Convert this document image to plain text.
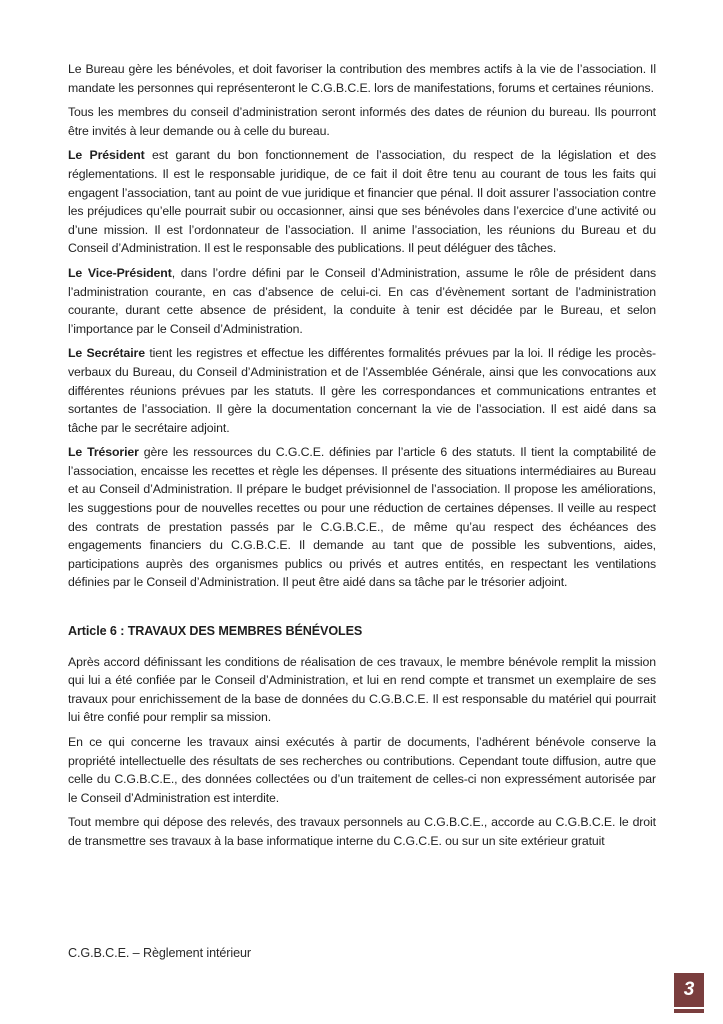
Le Bureau gère les bénévoles, et doit favoriser la contribution des membres actifs à la vie de l’association. Il mandate les personnes qui représenteront le C.G.B.C.E. lors de manifestations, forums et certaines réunions.

Tous les membres du conseil d’administration seront informés des dates de réunion du bureau. Ils pourront être invités à leur demande ou à celle du bureau.

Le Président est garant du bon fonctionnement de l’association, du respect de la législation et des réglementations. Il est le responsable juridique, de ce fait il doit être tenu au courant de tous les faits qui engagent l’association, tant au point de vue juridique et financier que pénal. Il doit assurer l’association contre les préjudices qu’elle pourrait subir ou occasionner, ainsi que ses bénévoles dans l’exercice d’une activité ou d’une mission. Il est l’ordonnateur de l’association. Il anime l’association, les réunions du Bureau et du Conseil d’Administration. Il est le responsable des publications. Il peut déléguer des tâches.

Le Vice-Président, dans l’ordre défini par le Conseil d’Administration, assume le rôle de président dans l’administration courante, en cas d’absence de celui-ci. En cas d’évènement sortant de l’administration courante, durant cette absence de président, la conduite à tenir est décidée par le Bureau, et selon l’importance par le Conseil d’Administration.

Le Secrétaire tient les registres et effectue les différentes formalités prévues par la loi. Il rédige les procès-verbaux du Bureau, du Conseil d’Administration et de l’Assemblée Générale, ainsi que les convocations aux différentes réunions prévues par les statuts. Il gère les correspondances et communications entrantes et sortantes de l’association. Il gère la documentation concernant la vie de l’association. Il est aidé dans sa tâche par le secrétaire adjoint.

Le Trésorier gère les ressources du C.G.C.E. définies par l’article 6 des statuts. Il tient la comptabilité de l’association, encaisse les recettes et règle les dépenses. Il présente des situations intermédiaires au Bureau et au Conseil d’Administration. Il prépare le budget prévisionnel de l’association. Il propose les améliorations, les suggestions pour de nouvelles recettes ou pour une réduction de certaines dépenses. Il veille au respect des contrats de prestation passés par le C.G.B.C.E., de même qu’au respect des échéances des engagements financiers du C.G.B.C.E. Il demande au tant que de possible les subventions, aides, participations auprès des organismes publics ou privés et autres entités, en respectant les ventilations définies par le Conseil d’Administration. Il peut être aidé dans sa tâche par le trésorier adjoint.

Article 6 : TRAVAUX DES MEMBRES BÉNÉVOLES

Après accord définissant les conditions de réalisation de ces travaux, le membre bénévole remplit la mission qui lui a été confiée par le Conseil d’Administration, et lui en rend compte et transmet un exemplaire de ses travaux pour enrichissement de la base de données du C.G.B.C.E. Il est responsable du matériel qui pourrait lui être confié pour remplir sa mission.

En ce qui concerne les travaux ainsi exécutés à partir de documents, l’adhérent bénévole conserve la propriété intellectuelle des résultats de ses recherches ou contributions. Cependant toute diffusion, autre que celle du C.G.B.C.E., des données collectées ou d’un traitement de celles-ci non expressément autorisée par le Conseil d’Administration est interdite.

Tout membre qui dépose des relevés, des travaux personnels au C.G.B.C.E., accorde au C.G.B.C.E. le droit de transmettre ses travaux à la base informatique interne du C.G.C.E. ou sur un site extérieur gratuit

C.G.B.C.E. – Règlement intérieur
3
